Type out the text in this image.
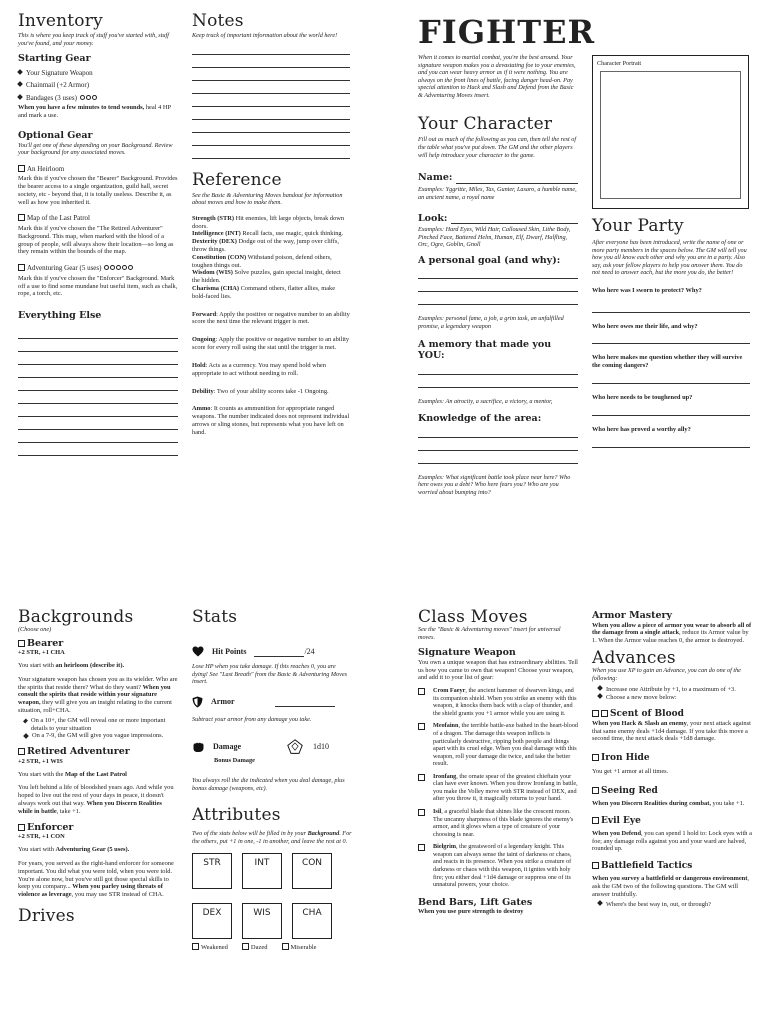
Inventory
This is where you keep track of stuff you've started with, stuff you've found, and your money.
Starting Gear
Your Signature Weapon
Chainmail (+2 Armor)
Bandages (3 uses)
When you have a few minutes to tend wounds, heal 4 HP and mark a use.
Optional Gear
You'll get one of these depending on your Background. Review your background for any associated moves.
An Heirloom
Mark this if you've chosen the "Bearer" Background. Provides the bearer access to a single organization, guild hall, secret society, etc - beyond that, it is totally useless. Describe it, as well as how you inherited it.
Map of the Last Patrol
Mark this if you've chosen the "The Retired Adventurer" Background. This map, when marked with the blood of a group of people, will always show their location—so long as they remain within the bounds of the map.
Adventuring Gear (5 uses)
Mark this if you've chosen the "Enforcer" Background. Mark off a use to find some mundane but useful item, such as chalk, rope, a torch, etc.
Everything Else
Notes
Keep track of important information about the world here!
Reference
See the Basic & Adventuring Moves handout for information about moves and how to make them.
Strength (STR) Hit enemies, lift large objects, break down doors.
Intelligence (INT) Recall facts, use magic, quick thinking.
Dexterity (DEX) Dodge out of the way, jump over cliffs, throw things.
Constitution (CON) Withstand poison, defend others, toughen things out.
Wisdom (WIS) Solve puzzles, gain special insight, detect the hidden.
Charisma (CHA) Command others, flatter allies, make bold-faced lies.
Forward: Apply the positive or negative number to an ability score the next time the relevant trigger is met.
Ongoing: Apply the positive or negative number to an ability score for every roll using the stat until the trigger is met.
Hold: Acts as a currency. You may spend hold when appropriate to act without needing to roll.
Debility: Two of your ability scores take -1 Ongoing.
Ammo: It counts as ammunition for appropriate ranged weapons. The number indicated does not represent individual arrows or sling stones, but represents what you have left on hand.
FIGHTER
When it comes to martial combat, you're the best around. Your signature weapon makes you a devastating foe to your enemies, and you can wear heavy armor as if it were nothing. You are always on the front lines of battle, facing danger head-on. Pay special attention to Hack and Slash and Defend from the Basic & Adventuring Moves insert.
Your Character
Fill out as much of the following as you can, then tell the rest of the table what you've put down. The GM and the other players will help introduce your character to the game.
Name:
Examples: Yggritte, Miles, Tas, Gunter, Lasaro, a humble name, an ancient name, a royal name
Look:
Examples: Hard Eyes, Wild Hair, Calloused Skin, Lithe Body, Pinched Face, Battered Helm, Human, Elf, Dwarf, Halfling, Orc, Ogre, Goblin, Gnoll
A personal goal (and why):
Examples: personal fame, a job, a grim task, an unfulfilled promise, a legendary weapon
A memory that made you YOU:
Examples: An atrocity, a sacrifice, a victory, a mentor,
Knowledge of the area:
Examples: What significant battle took place near here? Who here owes you a debt? Who here fears you? Who are you worried about bumping into?
Character Portrait
Your Party
After everyone has been introduced, write the name of one or more party members in the spaces below. The GM will tell you how you all know each other and why you are in a party. Also say, ask your fellow players to help you answer them. You do not need to answer each, but the more you do, the better!
Who here was I sworn to protect? Why?
Who here owes me their life, and why?
Who here makes me question whether they will survive the coming dangers?
Who here needs to be toughened up?
Who here has proved a worthy ally?
Backgrounds
(Choose one)
Bearer
+2 STR, +1 CHA
You start with an heirloom (describe it).
Your signature weapon has chosen you as its wielder. Who are the spirits that reside there? What do they want? When you consult the spirits that reside within your signature weapon, they will give you an insight relating to the current situation, roll+CHA.
On a 10+, the GM will reveal one or more important details to your situation
On a 7-9, the GM will give you vague impressions.
Retired Adventurer
+2 STR, +1 WIS
You start with the Map of the Last Patrol
You left behind a life of bloodshed years ago. And while you hoped to live out the rest of your days in peace, it doesn't always work out that way. When you Discern Realities while in battle, take +1.
Enforcer
+2 STR, +1 CON
You start with Adventuring Gear (5 uses).
For years, you served as the right-hand enforcer for someone important. You did what you were told, when you were told. You're alone now, but you've still got those special skills to keep you company... When you parley using threats of violence as leverage, you may use STR instead of CHA.
Drives
Stats
Hit Points	/24
Lose HP when you take damage. If this reaches 0, you are dying! See "Last Breath" from the Basic & Adventuring Moves insert.
Armor
Subtract your armor from any damage you take.
Damage	1d10
Bonus Damage
You always roll the die indicated when you deal damage, plus bonus damage (weapons, etc).
Attributes
Two of the stats below will be filled in by your Background. For the others, put +1 in one, -1 in another, and leave the rest at 0.
STR	INT	CON
DEX	WIS	CHA
Weakened	Dazed	Miserable
Class Moves
See the "Basic & Adventuring moves" insert for universal moves.
Signature Weapon
You own a unique weapon that has extraordinary abilities. Tell us how you came to own that weapon! Choose your weapon, and add it to your list of gear:
Crom Faeyr, the ancient hammer of dwarven kings, and its companion shield. When you strike an enemy with this weapon, it knocks them back with a clap of thunder, and the shield grants you +1 armor while you are using it.
Meofainn, the terrible battle-axe bathed in the heart-blood of a dragon. The damage this weapon inflicts is particularly destructive, ripping both people and things apart with its cruel edge. When you deal damage with this weapon, roll your damage die twice, and take the better result.
Ironfang, the ornate spear of the greatest chieftain your clan have ever known. When you throw Ironfang in battle, you make the Volley move with STR instead of DEX, and after you throw it, it magically returns to your hand.
Isil, a graceful blade that shines like the crescent moon. The uncanny sharpness of this blade ignores the enemy's armor, and it glows when a type of creature of your choosing is near.
Bielgrim, the greatsword of a legendary knight. This weapon can always sense the taint of darkness or chaos, and reacts in its presence. When you strike a creature of darkness or chaos with this weapon, it ignites with holy fire; you either deal +1d4 damage or suppress one of its unnatural powers, your choice.
Bend Bars, Lift Gates
When you use pure strength to destroy
Armor Mastery
When you allow a piece of armor you wear to absorb all of the damage from a single attack, reduce its Armor value by 1. When the Armor value reaches 0, the armor is destroyed.
Advances
When you use XP to gain an Advance, you can do one of the following:
Increase one Attribute by +1, to a maximum of +3.
Choose a new move below:
Scent of Blood
When you Hack & Slash an enemy, your next attack against that same enemy deals +1d4 damage. If you take this move a second time, the next attack deals +1d8 damage.
Iron Hide
You get +1 armor at all times.
Seeing Red
When you Discern Realities during combat, you take +1.
Evil Eye
When you Defend, you can spend 1 hold to: Lock eyes with a foe; any damage rolls against you and your ward are halved, rounded up.
Battlefield Tactics
When you survey a battlefield or dangerous environment, ask the GM two of the following questions. The GM will answer truthfully.
Where's the best way in, out, or through?
